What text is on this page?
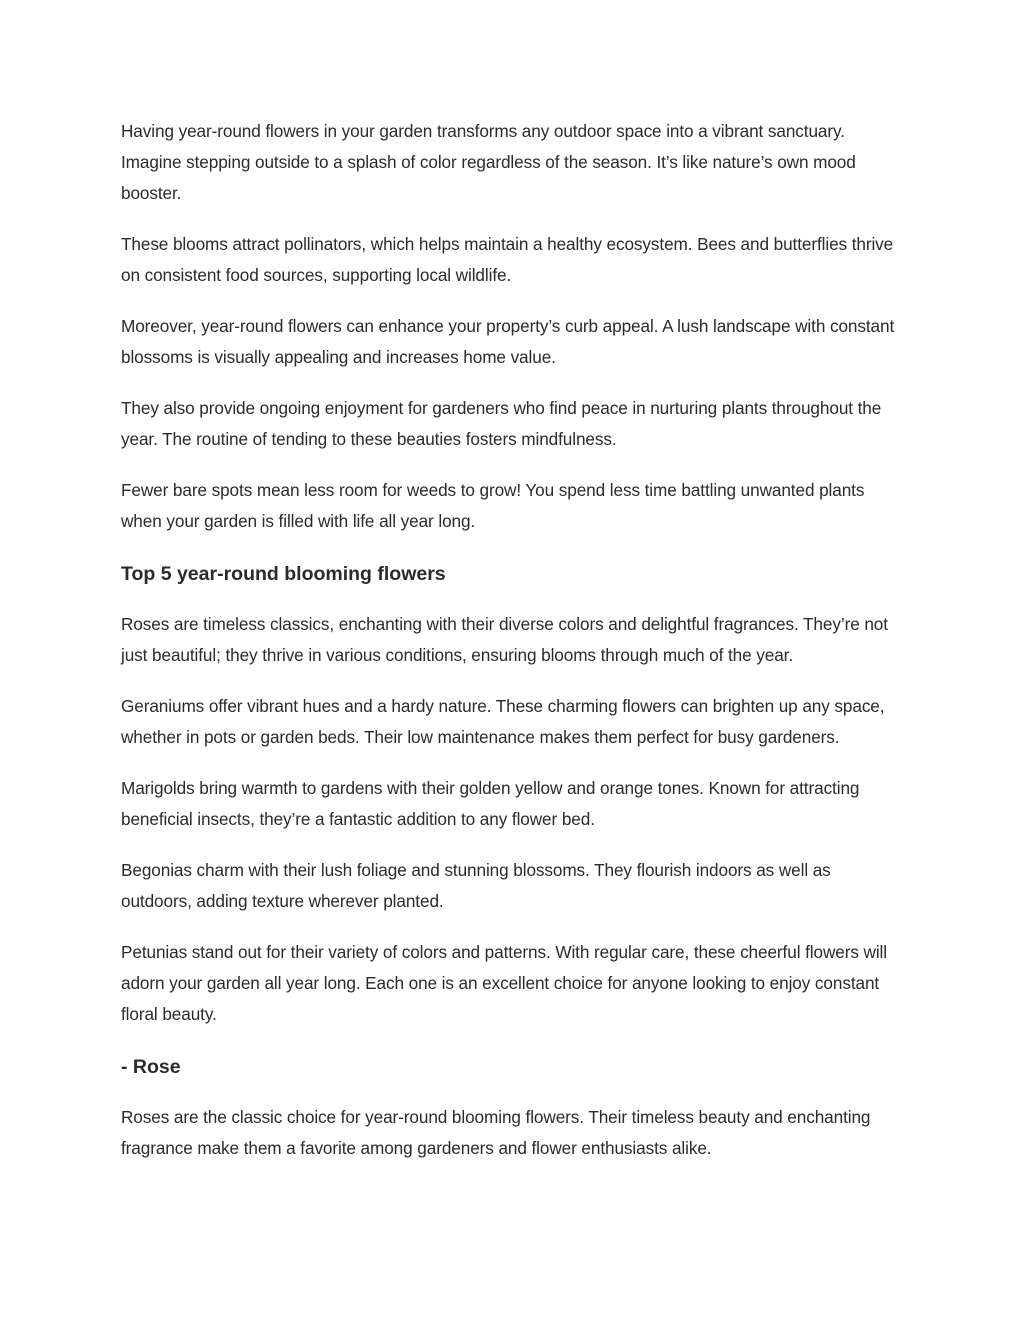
Having year-round flowers in your garden transforms any outdoor space into a vibrant sanctuary. Imagine stepping outside to a splash of color regardless of the season. It’s like nature’s own mood booster.

These blooms attract pollinators, which helps maintain a healthy ecosystem. Bees and butterflies thrive on consistent food sources, supporting local wildlife.

Moreover, year-round flowers can enhance your property’s curb appeal. A lush landscape with constant blossoms is visually appealing and increases home value.

They also provide ongoing enjoyment for gardeners who find peace in nurturing plants throughout the year. The routine of tending to these beauties fosters mindfulness.

Fewer bare spots mean less room for weeds to grow! You spend less time battling unwanted plants when your garden is filled with life all year long.

Top 5 year-round blooming flowers

Roses are timeless classics, enchanting with their diverse colors and delightful fragrances. They’re not just beautiful; they thrive in various conditions, ensuring blooms through much of the year.

Geraniums offer vibrant hues and a hardy nature. These charming flowers can brighten up any space, whether in pots or garden beds. Their low maintenance makes them perfect for busy gardeners.

Marigolds bring warmth to gardens with their golden yellow and orange tones. Known for attracting beneficial insects, they’re a fantastic addition to any flower bed.

Begonias charm with their lush foliage and stunning blossoms. They flourish indoors as well as outdoors, adding texture wherever planted.

Petunias stand out for their variety of colors and patterns. With regular care, these cheerful flowers will adorn your garden all year long. Each one is an excellent choice for anyone looking to enjoy constant floral beauty.

- Rose

Roses are the classic choice for year-round blooming flowers. Their timeless beauty and enchanting fragrance make them a favorite among gardeners and flower enthusiasts alike.
